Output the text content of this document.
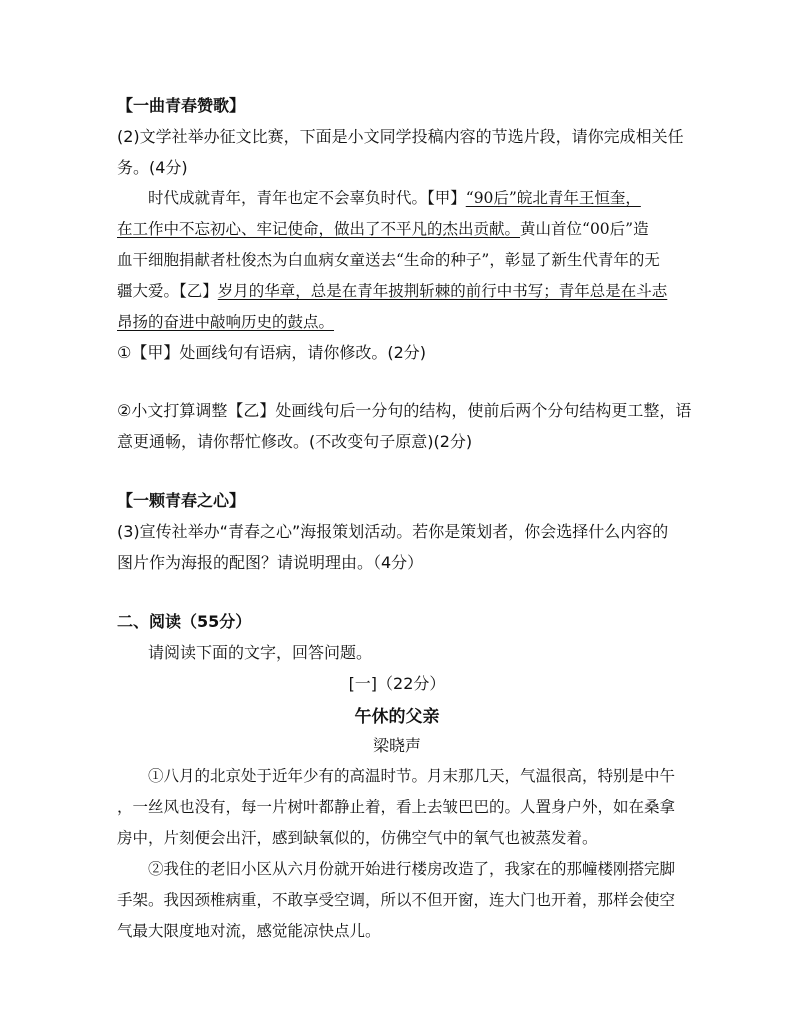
【一曲青春赞歌】
(2)文学社举办征文比赛，下面是小文同学投稿内容的节选片段，请你完成相关任
务。(4分)
时代成就青年，青年也定不会辜负时代。【甲】“90后”皖北青年王恒奎，
在工作中不忘初心、牢记使命，做出了不平凡的杰出贡献。黄山首位“00后”造
血干细胞捐献者杜俊杰为白血病女童送去“生命的种子”，彰显了新生代青年的无
疆大爱。【乙】岁月的华章，总是在青年披荆斩棘的前行中书写；青年总是在斗志
昂扬的奋进中敲响历史的鼓点。
①【甲】处画线句有语病，请你修改。(2分)
②小文打算调整【乙】处画线句后一分句的结构，使前后两个分句结构更工整，语
意更通畅，请你帮忙修改。(不改变句子原意)(2分)
【一颗青春之心】
(3)宣传社举办“青春之心”海报策划活动。若你是策划者，你会选择什么内容的
图片作为海报的配图？请说明理由。（4分）
二、阅读（55分）
请阅读下面的文字，回答问题。
[一]（22分）
午休的父亲
梁晓声
①八月的北京处于近年少有的高温时节。月末那几天，气温很高，特别是中午
，一丝风也没有，每一片树叶都静止着，看上去皱巴巴的。人置身户外，如在桑拿
房中，片刻便会出汗，感到缺氧似的，仿佛空气中的氧气也被蒸发着。
②我住的老旧小区从六月份就开始进行楼房改造了，我家在的那幢楼刚搭完脚
手架。我因颈椎病重，不敢享受空调，所以不但开窗，连大门也开着，那样会使空
气最大限度地对流，感觉能凉快点儿。
